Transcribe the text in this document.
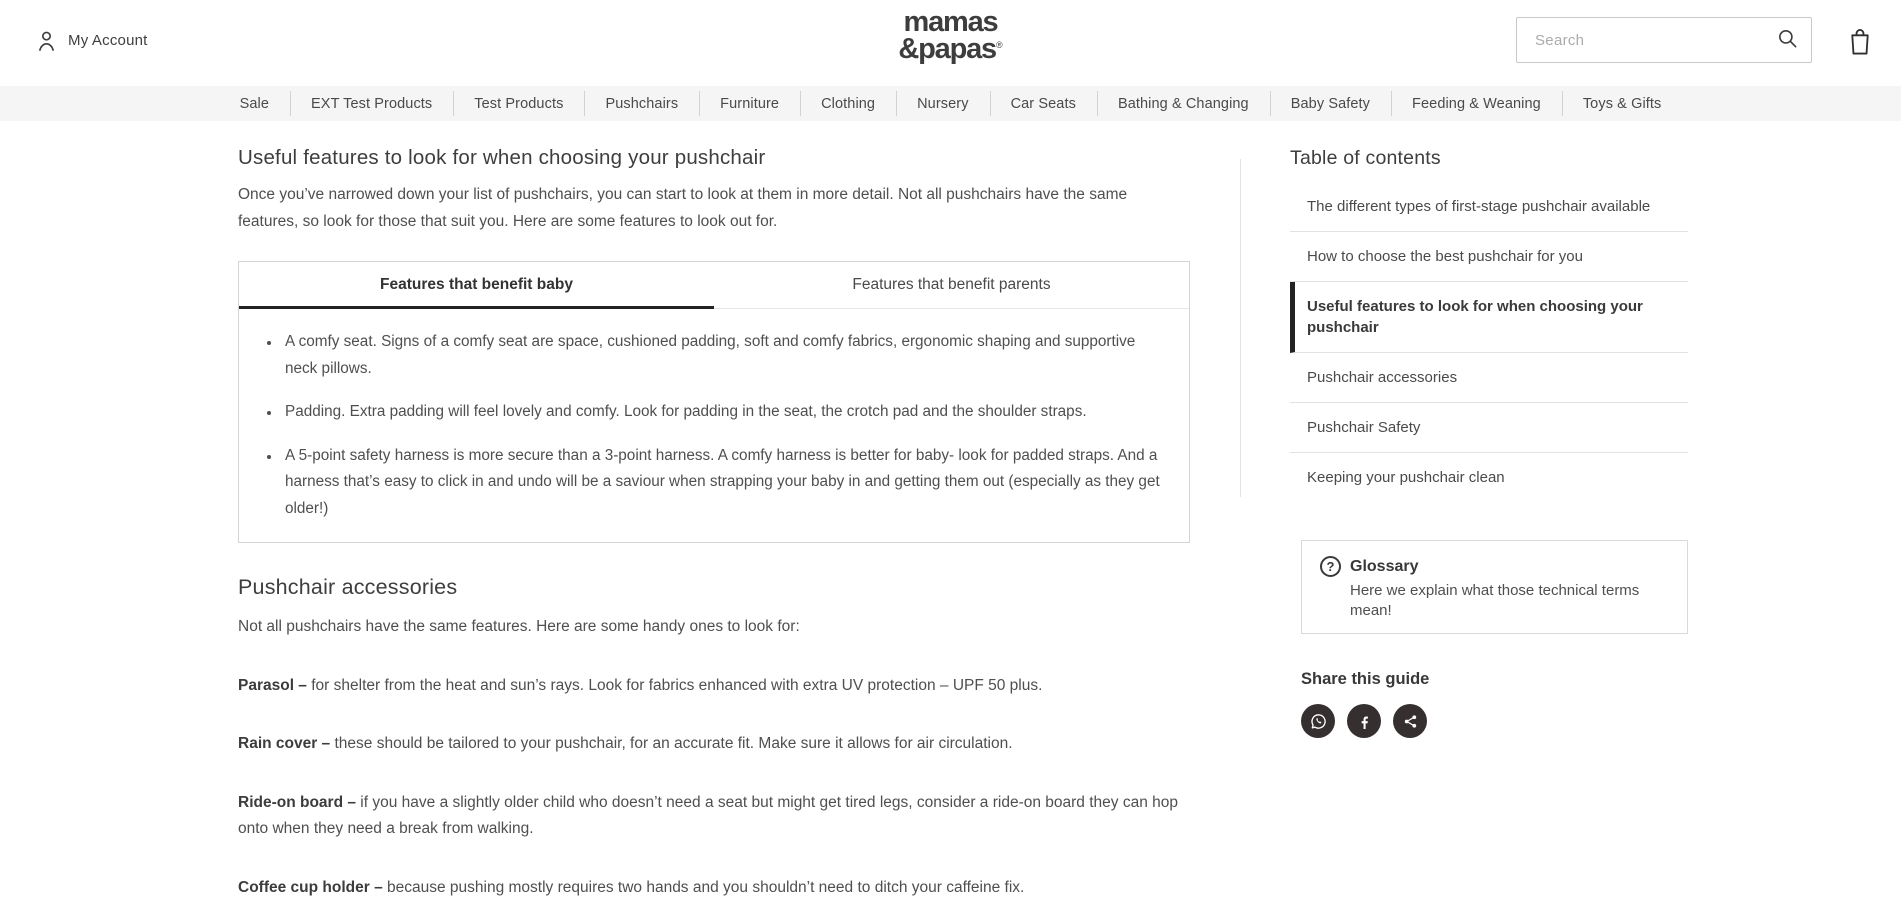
My Account
mamas
&papas®
Search
Sale	EXT Test Products	Test Products	Pushchairs	Furniture	Clothing	Nursery	Car Seats	Bathing & Changing	Baby Safety	Feeding & Weaning	Toys & Gifts
Useful features to look for when choosing your pushchair

Once you’ve narrowed down your list of pushchairs, you can start to look at them in more detail. Not all pushchairs have the same features, so look for those that suit you. Here are some features to look out for.

Features that benefit baby	Features that benefit parents
• A comfy seat. Signs of a comfy seat are space, cushioned padding, soft and comfy fabrics, ergonomic shaping and supportive neck pillows.
• Padding. Extra padding will feel lovely and comfy. Look for padding in the seat, the crotch pad and the shoulder straps.
• A 5-point safety harness is more secure than a 3-point harness. A comfy harness is better for baby- look for padded straps. And a harness that’s easy to click in and undo will be a saviour when strapping your baby in and getting them out (especially as they get older!)
Pushchair accessories

Not all pushchairs have the same features. Here are some handy ones to look for:

Parasol – for shelter from the heat and sun’s rays. Look for fabrics enhanced with extra UV protection – UPF 50 plus.

Rain cover – these should be tailored to your pushchair, for an accurate fit. Make sure it allows for air circulation.

Ride-on board – if you have a slightly older child who doesn’t need a seat but might get tired legs, consider a ride-on board they can hop onto when they need a break from walking.

Coffee cup holder – because pushing mostly requires two hands and you shouldn’t need to ditch your caffeine fix.

Table of contents
The different types of first-stage pushchair available
How to choose the best pushchair for you
Useful features to look for when choosing your pushchair
Pushchair accessories
Pushchair Safety
Keeping your pushchair clean
? Glossary

Here we explain what those technical terms mean!

Share this guide
